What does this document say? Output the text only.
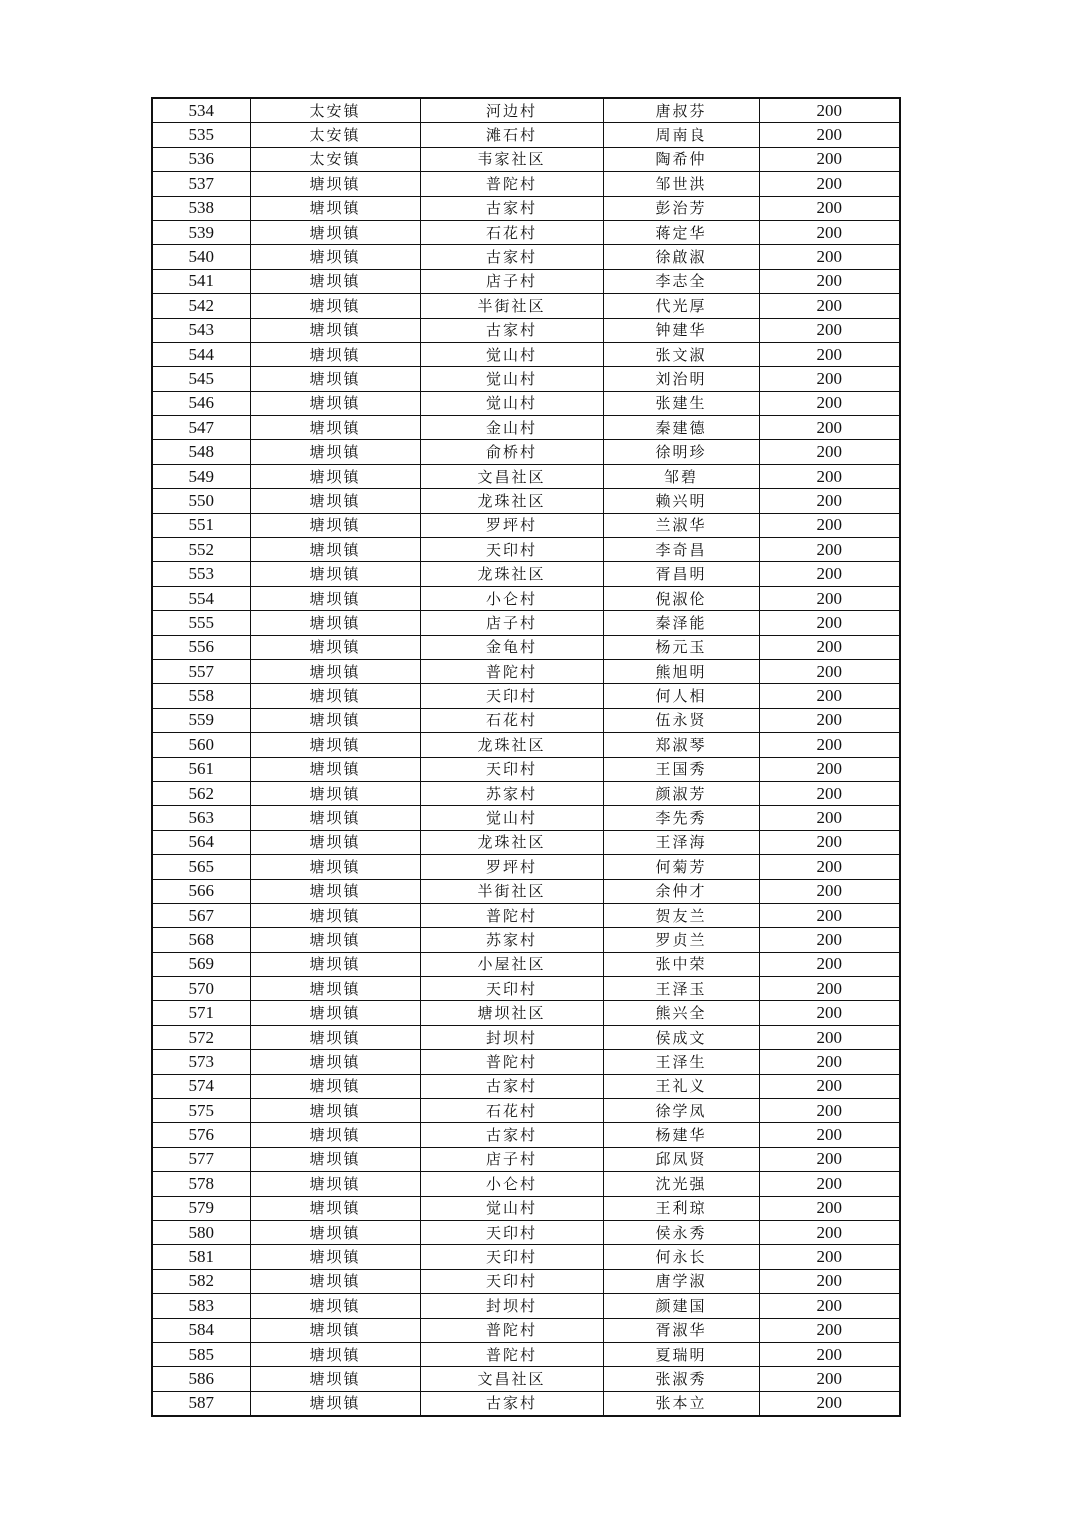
534	太安镇	河边村	唐叔芬	200
535	太安镇	滩石村	周南良	200
536	太安镇	韦家社区	陶希仲	200
537	塘坝镇	普陀村	邹世洪	200
538	塘坝镇	古家村	彭治芳	200
539	塘坝镇	石花村	蒋定华	200
540	塘坝镇	古家村	徐啟淑	200
541	塘坝镇	店子村	李志全	200
542	塘坝镇	半街社区	代光厚	200
543	塘坝镇	古家村	钟建华	200
544	塘坝镇	觉山村	张文淑	200
545	塘坝镇	觉山村	刘治明	200
546	塘坝镇	觉山村	张建生	200
547	塘坝镇	金山村	秦建德	200
548	塘坝镇	俞桥村	徐明珍	200
549	塘坝镇	文昌社区	邹碧	200
550	塘坝镇	龙珠社区	赖兴明	200
551	塘坝镇	罗坪村	兰淑华	200
552	塘坝镇	天印村	李奇昌	200
553	塘坝镇	龙珠社区	胥昌明	200
554	塘坝镇	小仑村	倪淑伦	200
555	塘坝镇	店子村	秦泽能	200
556	塘坝镇	金龟村	杨元玉	200
557	塘坝镇	普陀村	熊旭明	200
558	塘坝镇	天印村	何人相	200
559	塘坝镇	石花村	伍永贤	200
560	塘坝镇	龙珠社区	郑淑琴	200
561	塘坝镇	天印村	王国秀	200
562	塘坝镇	苏家村	颜淑芳	200
563	塘坝镇	觉山村	李先秀	200
564	塘坝镇	龙珠社区	王泽海	200
565	塘坝镇	罗坪村	何菊芳	200
566	塘坝镇	半街社区	余仲才	200
567	塘坝镇	普陀村	贺友兰	200
568	塘坝镇	苏家村	罗贞兰	200
569	塘坝镇	小屋社区	张中荣	200
570	塘坝镇	天印村	王泽玉	200
571	塘坝镇	塘坝社区	熊兴全	200
572	塘坝镇	封坝村	侯成文	200
573	塘坝镇	普陀村	王泽生	200
574	塘坝镇	古家村	王礼义	200
575	塘坝镇	石花村	徐学凤	200
576	塘坝镇	古家村	杨建华	200
577	塘坝镇	店子村	邱凤贤	200
578	塘坝镇	小仑村	沈光强	200
579	塘坝镇	觉山村	王利琼	200
580	塘坝镇	天印村	侯永秀	200
581	塘坝镇	天印村	何永长	200
582	塘坝镇	天印村	唐学淑	200
583	塘坝镇	封坝村	颜建国	200
584	塘坝镇	普陀村	胥淑华	200
585	塘坝镇	普陀村	夏瑞明	200
586	塘坝镇	文昌社区	张淑秀	200
587	塘坝镇	古家村	张本立	200
